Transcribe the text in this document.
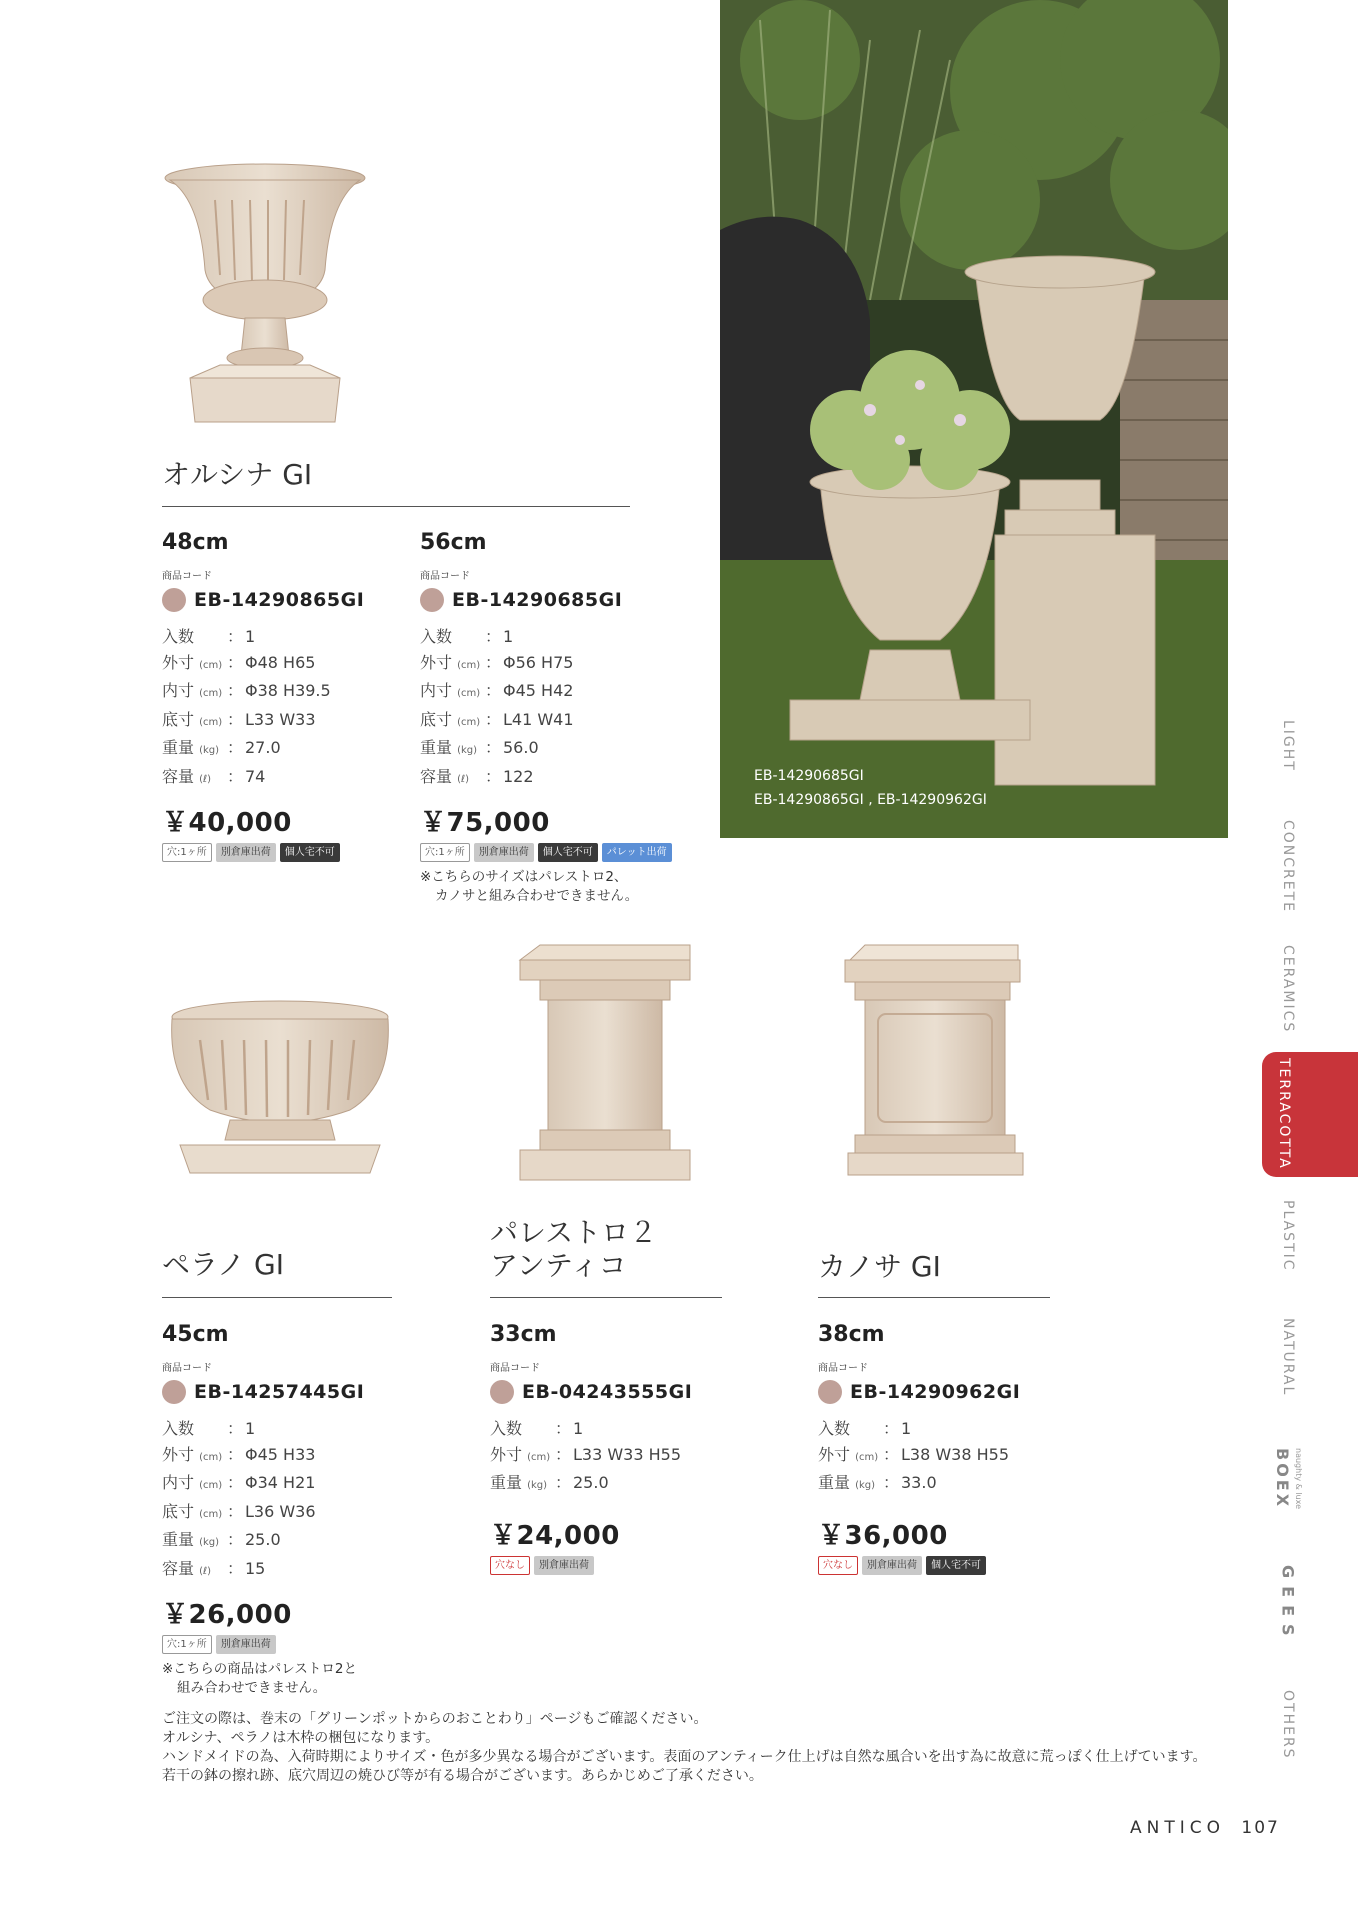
EB-14290685GI
EB-14290865GI , EB-14290962GI
オルシナ GI
48cm
商品コード
EB-14290865GI
入数	： 1
外寸 (cm) ： Φ48 H65
内寸 (cm) ： Φ38 H39.5
底寸 (cm) ： L33 W33
重量 (kg) ： 27.0
容量 (ℓ) ： 74
￥40,000
穴:1ヶ所	別倉庫出荷	個人宅不可
56cm
商品コード
EB-14290685GI
入数	： 1
外寸 (cm) ： Φ56 H75
内寸 (cm) ： Φ45 H42
底寸 (cm) ： L41 W41
重量 (kg) ： 56.0
容量 (ℓ) ： 122
￥75,000
穴:1ヶ所	別倉庫出荷	個人宅不可	パレット出荷
※こちらのサイズはパレストロ2、
カノサと組み合わせできません。
ペラノ GI
45cm
商品コード
EB-14257445GI
入数	： 1
外寸 (cm) ： Φ45 H33
内寸 (cm) ： Φ34 H21
底寸 (cm) ： L36 W36
重量 (kg) ： 25.0
容量 (ℓ) ： 15
￥26,000
穴:1ヶ所	別倉庫出荷
※こちらの商品はパレストロ2と
組み合わせできません。
パレストロ２
アンティコ
33cm
商品コード
EB-04243555GI
入数	： 1
外寸 (cm) ： L33 W33 H55
重量 (kg) ： 25.0
￥24,000
穴なし	別倉庫出荷
カノサ GI
38cm
商品コード
EB-14290962GI
入数	： 1
外寸 (cm) ： L38 W38 H55
重量 (kg) ： 33.0
￥36,000
穴なし	別倉庫出荷	個人宅不可
LIGHT
CONCRETE
CERAMICS
TERRACOTTA
PLASTIC
NATURAL
BOEX naughty & luxe
GEES
OTHERS
ご注文の際は、巻末の「グリーンポットからのおことわり」ページもご確認ください。
オルシナ、ペラノは木枠の梱包になります。
ハンドメイドの為、入荷時期によりサイズ・色が多少異なる場合がございます。表面のアンティーク仕上げは自然な風合いを出す為に故意に荒っぽく仕上げています。
若干の鉢の擦れ跡、底穴周辺の焼ひび等が有る場合がございます。あらかじめご了承ください。
ANTICO 107
